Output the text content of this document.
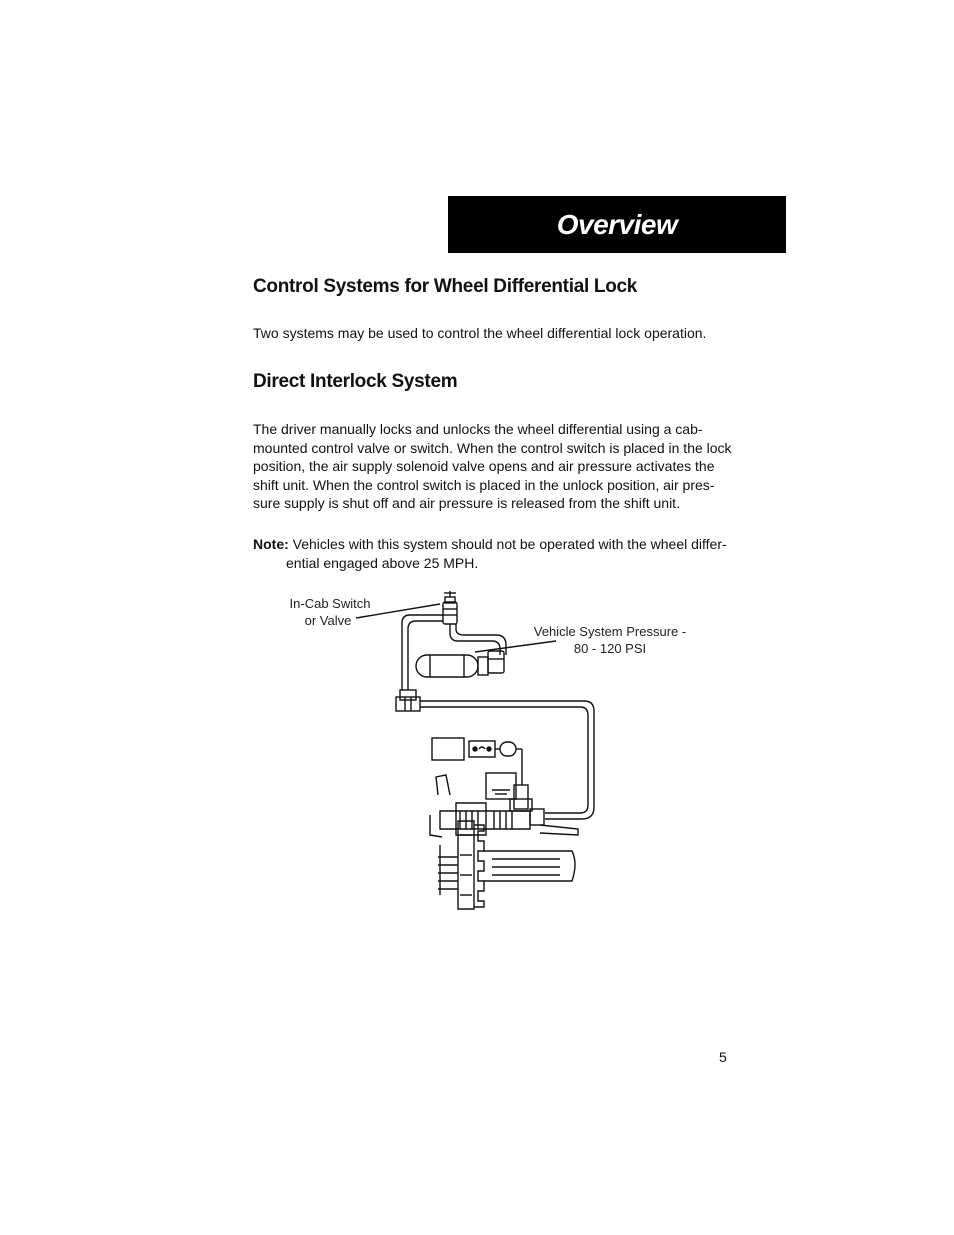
Overview
Control Systems for Wheel Differential Lock

Two systems may be used to control the wheel differential lock operation.

Direct Interlock System

The driver manually locks and unlocks the wheel differential using a cab-

mounted control valve or switch. When the control switch is placed in the lock

position, the air supply solenoid valve opens and air pressure activates the

shift unit. When the control switch is placed in the unlock position, air pres-

sure supply is shut off and air pressure is released from the shift unit.

Note: Vehicles with this system should not be operated with the wheel differ-

ential engaged above 25 MPH.

In-Cab Switch
or Valve
Vehicle System Pressure -
80 - 120 PSI

5
